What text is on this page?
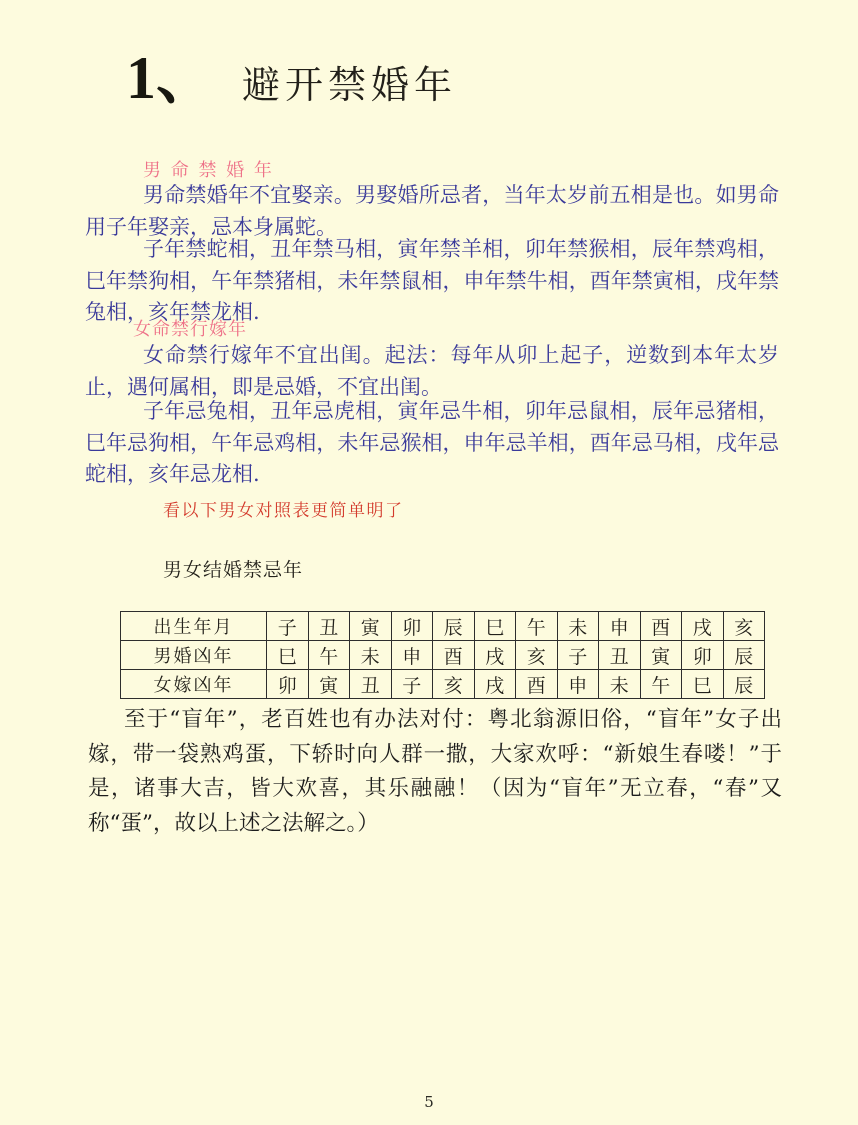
1、 避开禁婚年
男 命 禁 婚 年
男命禁婚年不宜娶亲。男娶婚所忌者，当年太岁前五相是也。如男命用子年娶亲，忌本身属蛇。
子年禁蛇相，丑年禁马相，寅年禁羊相，卯年禁猴相，辰年禁鸡相，巳年禁狗相，午年禁猪相，未年禁鼠相，申年禁牛相，酉年禁寅相，戌年禁兔相，亥年禁龙相.
女命禁行嫁年
女命禁行嫁年不宜出闺。起法：每年从卯上起子，逆数到本年太岁止，遇何属相，即是忌婚，不宜出闺。
子年忌兔相，丑年忌虎相，寅年忌牛相，卯年忌鼠相，辰年忌猪相，巳年忌狗相，午年忌鸡相，未年忌猴相，申年忌羊相，酉年忌马相，戌年忌蛇相，亥年忌龙相.
看以下男女对照表更简单明了
男女结婚禁忌年
出生年月	子	丑	寅	卯	辰	巳	午	未	申	酉	戌	亥
男婚凶年	巳	午	未	申	酉	戌	亥	子	丑	寅	卯	辰
女嫁凶年	卯	寅	丑	子	亥	戌	酉	申	未	午	巳	辰
至于“盲年”，老百姓也有办法对付：粤北翁源旧俗，“盲年”女子出嫁，带一袋熟鸡蛋，下轿时向人群一撒，大家欢呼：“新娘生春喽！”于是，诸事大吉，皆大欢喜，其乐融融！（因为“盲年”无立春，“春”又称“蛋”，故以上述之法解之。）
5
